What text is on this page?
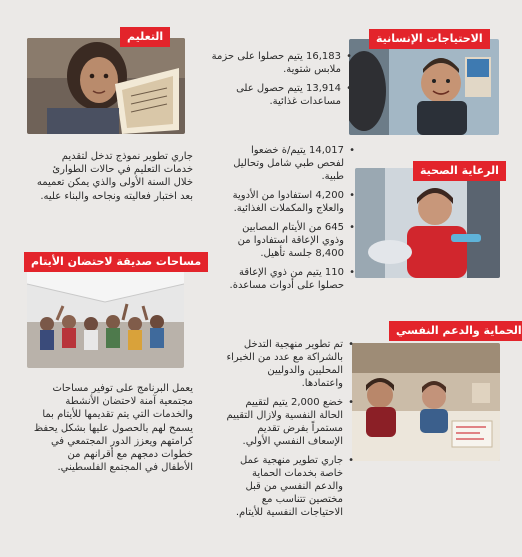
التعليم

جاري تطوير نموذج تدخل لتقديم خدمات التعليم في حالات الطوارئ خلال السنة الأولى والذي يمكن تعميمه بعد اختبار فعاليته ونجاحه والبناء عليه.

الاحتياجات الإنسانية
• 16,183 يتيم حصلوا على حزمة ملابس شتوية.
• 13,914 يتيم حصول على مساعدات غذائية.
الرعاية الصحية
• 14,017 يتيم/ة خضعوا لفحص طبي شامل وتحاليل طبية.
• 4,200 استفادوا من الأدوية والعلاج والمكملات الغذائية.
• 645 من الأيتام المصابين وذوي الإعاقة استفادوا من 8,400 جلسة تأهيل.
• 110 يتيم من ذوي الإعاقة حصلوا على أدوات مساعدة.
مساحات صديقة لاحتضان الأيتام

يعمل البرنامج على توفير مساحات مجتمعية آمنة لاحتضان الأنشطة والخدمات التي يتم تقديمها للأيتام بما يسمح لهم بالحصول عليها بشكل يحفظ كرامتهم ويعزز الدور المجتمعي في خطوات دمجهم مع أقرانهم من الأطفال في المجتمع الفلسطيني.

الحماية والدعم النفسي
• تم تطوير منهجية التدخل بالشراكة مع عدد من الخبراء المحليين والدوليين واعتمادها.
• خضع 2,000 يتيم لتقييم الحالة النفسية ولازال التقييم مستمراً بفرض تقديم الإسعاف النفسي الأولي.
• جاري تطوير منهجية عمل خاصة بخدمات الحماية والدعم النفسي من قبل مختصين تتناسب مع الاحتياجات النفسية للأيتام.
